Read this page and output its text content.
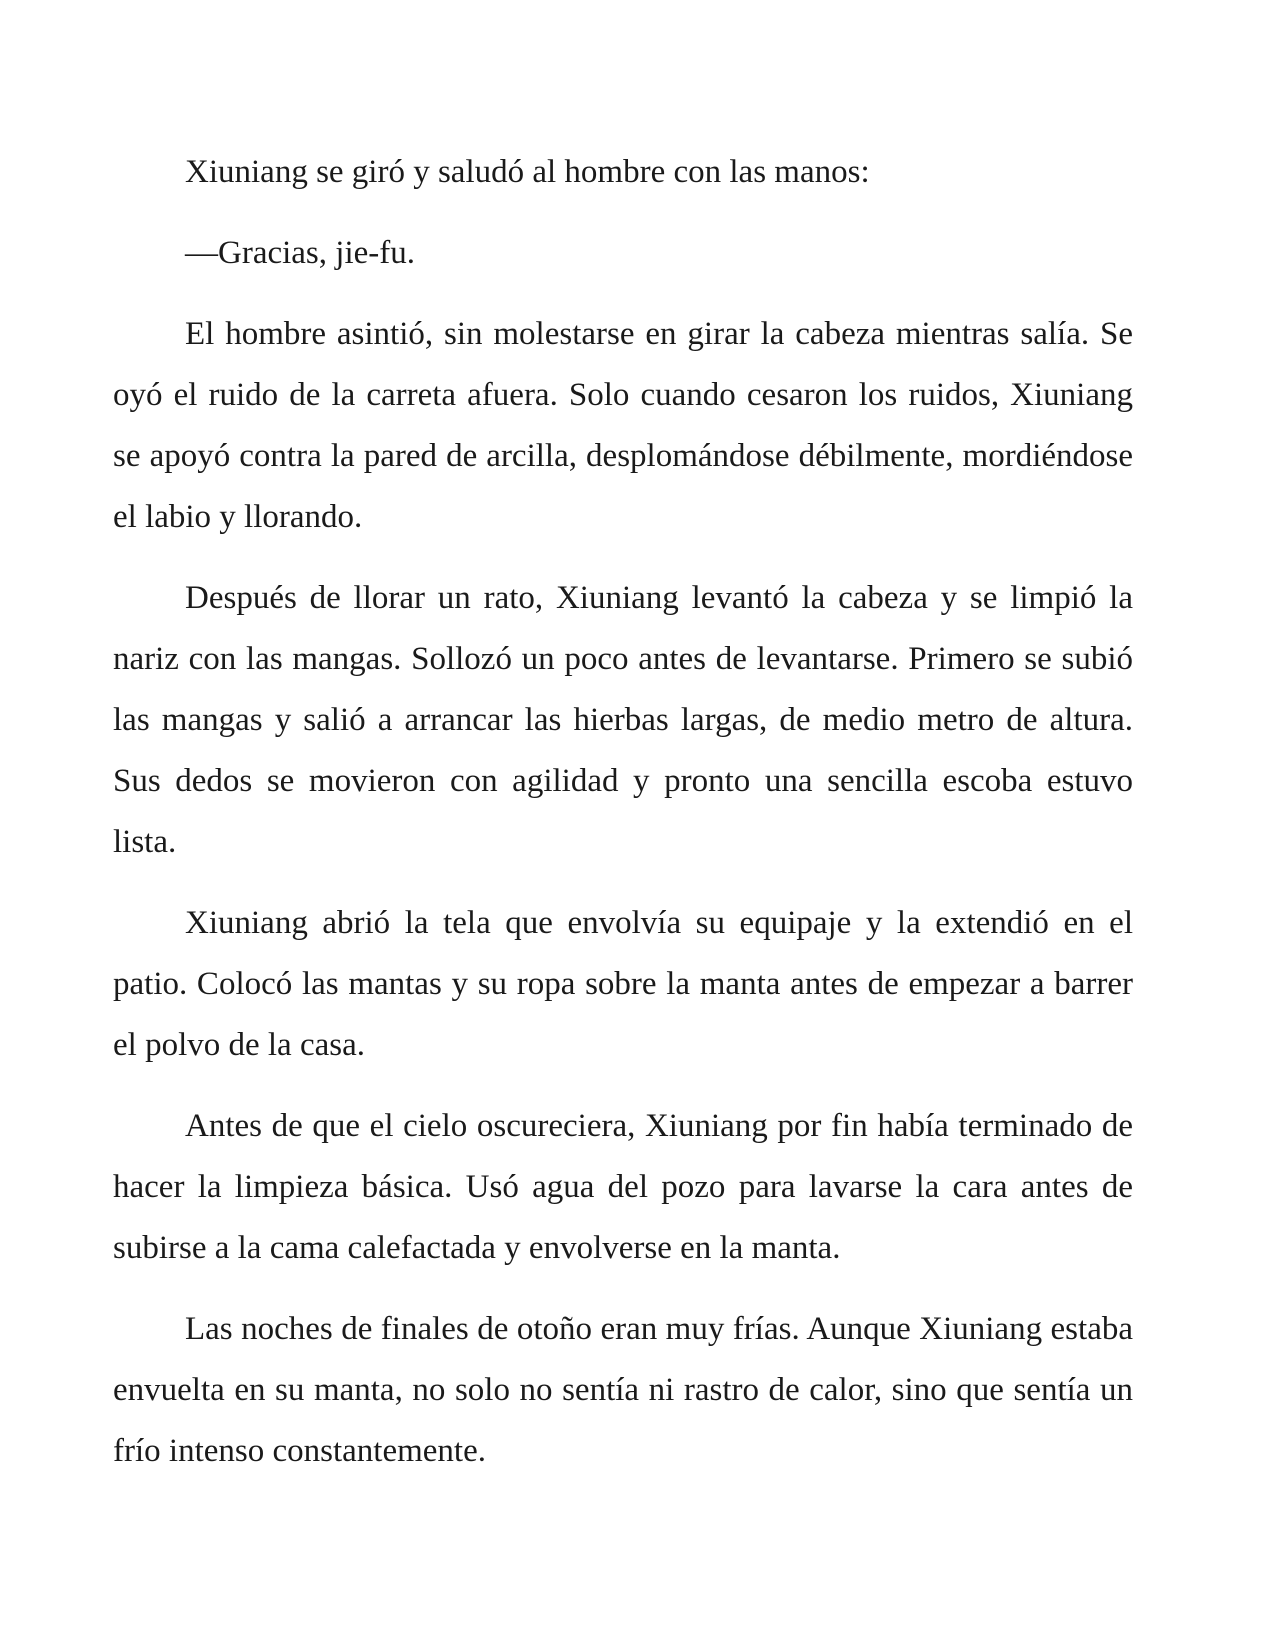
Xiuniang se giró y saludó al hombre con las manos:

—Gracias, jie-fu.

El hombre asintió, sin molestarse en girar la cabeza mientras salía. Se oyó el ruido de la carreta afuera. Solo cuando cesaron los ruidos, Xiuniang se apoyó contra la pared de arcilla, desplomándose débilmente, mordiéndose el labio y llorando.

Después de llorar un rato, Xiuniang levantó la cabeza y se limpió la nariz con las mangas. Sollozó un poco antes de levantarse. Primero se subió las mangas y salió a arrancar las hierbas largas, de medio metro de altura. Sus dedos se movieron con agilidad y pronto una sencilla escoba estuvo lista.

Xiuniang abrió la tela que envolvía su equipaje y la extendió en el patio. Colocó las mantas y su ropa sobre la manta antes de empezar a barrer el polvo de la casa.

Antes de que el cielo oscureciera, Xiuniang por fin había terminado de hacer la limpieza básica. Usó agua del pozo para lavarse la cara antes de subirse a la cama calefactada y envolverse en la manta.

Las noches de finales de otoño eran muy frías. Aunque Xiuniang estaba envuelta en su manta, no solo no sentía ni rastro de calor, sino que sentía un frío intenso constantemente.
